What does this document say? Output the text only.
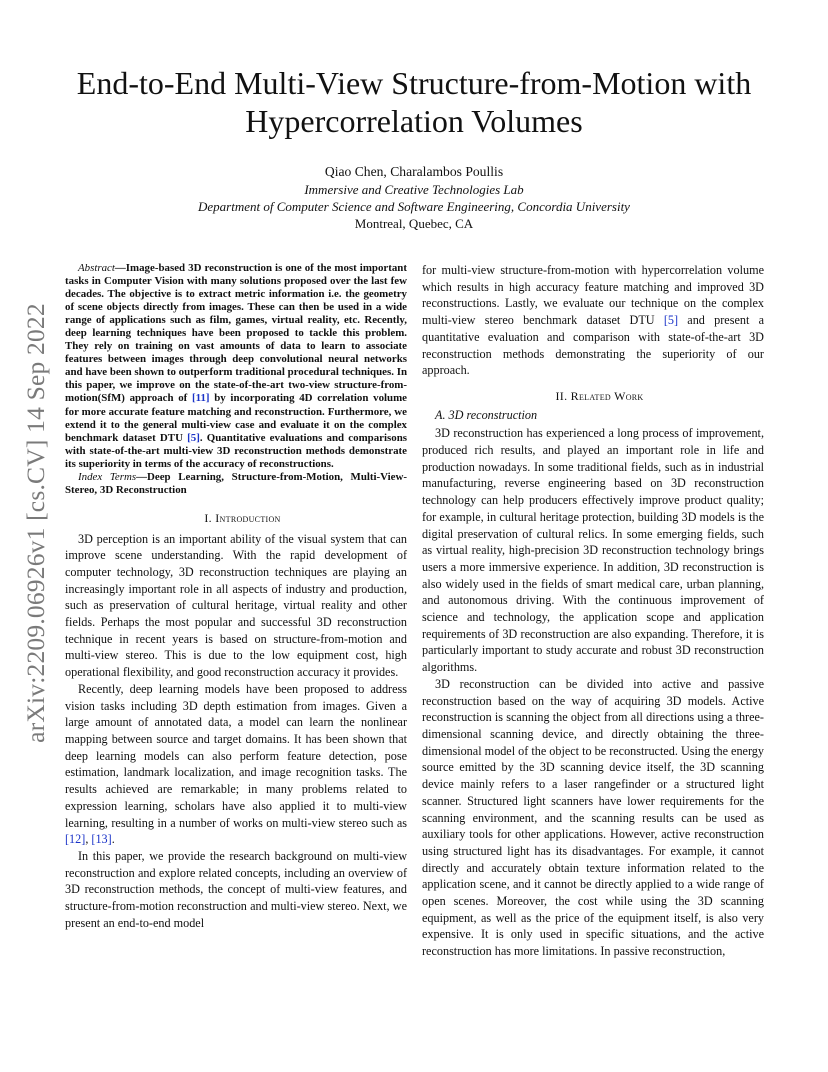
arXiv:2209.06926v1 [cs.CV] 14 Sep 2022
End-to-End Multi-View Structure-from-Motion with
Hypercorrelation Volumes
Qiao Chen, Charalambos Poullis
Immersive and Creative Technologies Lab
Department of Computer Science and Software Engineering, Concordia University
Montreal, Quebec, CA

Abstract—Image-based 3D reconstruction is one of the most important tasks in Computer Vision with many solutions proposed over the last few decades. The objective is to extract metric information i.e. the geometry of scene objects directly from images. These can then be used in a wide range of applications such as film, games, virtual reality, etc. Recently, deep learning techniques have been proposed to tackle this problem. They rely on training on vast amounts of data to learn to associate features between images through deep convolutional neural networks and have been shown to outperform traditional procedural techniques. In this paper, we improve on the state-of-the-art two-view structure-from-motion(SfM) approach of [11] by incorporating 4D correlation volume for more accurate feature matching and reconstruction. Furthermore, we extend it to the general multi-view case and evaluate it on the complex benchmark dataset DTU [5]. Quantitative evaluations and comparisons with state-of-the-art multi-view 3D reconstruction methods demonstrate its superiority in terms of the accuracy of reconstructions.

Index Terms—Deep Learning, Structure-from-Motion, Multi-View-Stereo, 3D Reconstruction

I. Introduction

3D perception is an important ability of the visual system that can improve scene understanding. With the rapid development of computer technology, 3D reconstruction techniques are playing an increasingly important role in all aspects of industry and production, such as preservation of cultural heritage, virtual reality and other fields. Perhaps the most popular and successful 3D reconstruction technique in recent years is based on structure-from-motion and multi-view stereo. This is due to the low equipment cost, high operational flexibility, and good reconstruction accuracy it provides.

Recently, deep learning models have been proposed to address vision tasks including 3D depth estimation from images. Given a large amount of annotated data, a model can learn the nonlinear mapping between source and target domains. It has been shown that deep learning models can also perform feature detection, pose estimation, landmark localization, and image recognition tasks. The results achieved are remarkable; in many problems related to expression learning, scholars have also applied it to multi-view learning, resulting in a number of works on multi-view stereo such as [12], [13].

In this paper, we provide the research background on multi-view reconstruction and explore related concepts, including an overview of 3D reconstruction methods, the concept of multi-view features, and structure-from-motion reconstruction and multi-view stereo. Next, we present an end-to-end model

for multi-view structure-from-motion with hypercorrelation volume which results in high accuracy feature matching and improved 3D reconstructions. Lastly, we evaluate our technique on the complex multi-view stereo benchmark dataset DTU [5] and present a quantitative evaluation and comparison with state-of-the-art 3D reconstruction methods demonstrating the superiority of our approach.

II. Related Work

A. 3D reconstruction

3D reconstruction has experienced a long process of improvement, produced rich results, and played an important role in life and production nowadays. In some traditional fields, such as in industrial manufacturing, reverse engineering based on 3D reconstruction technology can help producers effectively improve product quality; for example, in cultural heritage protection, building 3D models is the digital preservation of cultural relics. In some emerging fields, such as virtual reality, high-precision 3D reconstruction technology brings users a more immersive experience. In addition, 3D reconstruction is also widely used in the fields of smart medical care, urban planning, and autonomous driving. With the continuous improvement of science and technology, the application scope and application requirements of 3D reconstruction are also expanding. Therefore, it is particularly important to study accurate and robust 3D reconstruction algorithms.

3D reconstruction can be divided into active and passive reconstruction based on the way of acquiring 3D models. Active reconstruction is scanning the object from all directions using a three-dimensional scanning device, and directly obtaining the three-dimensional model of the object to be reconstructed. Using the energy source emitted by the 3D scanning device itself, the 3D scanning device mainly refers to a laser rangefinder or a structured light scanner. Structured light scanners have lower requirements for the scanning environment, and the scanning results can be used as auxiliary tools for other applications. However, active reconstruction using structured light has its disadvantages. For example, it cannot directly and accurately obtain texture information related to the application scene, and it cannot be directly applied to a wide range of open scenes. Moreover, the cost while using the 3D scanning equipment, as well as the price of the equipment itself, is also very expensive. It is only used in specific situations, and the active reconstruction has more limitations. In passive reconstruction,
